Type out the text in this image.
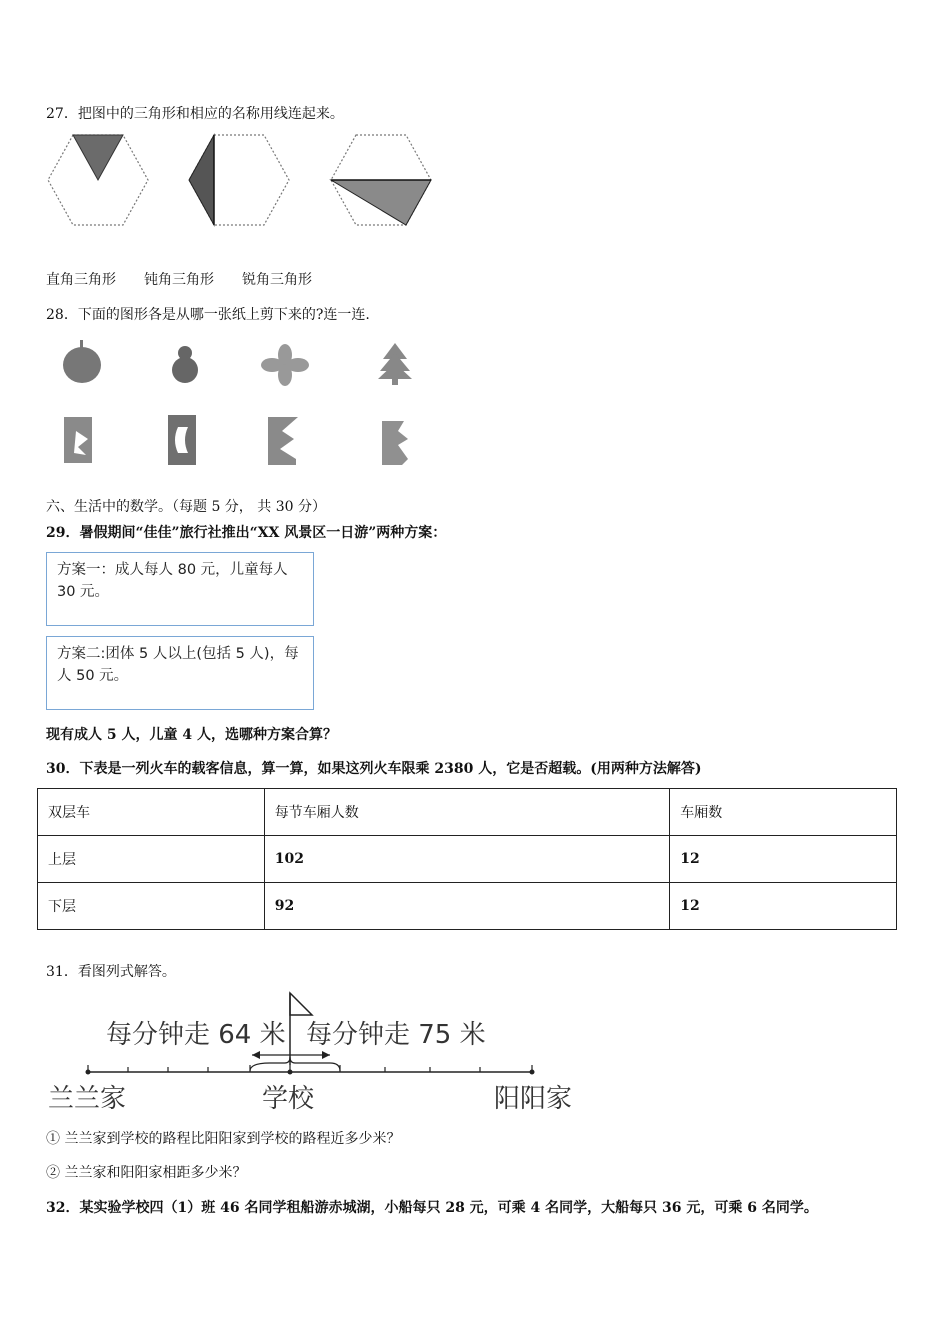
27．把图中的三角形和相应的名称用线连起来。
直角三角形 钝角三角形 锐角三角形
28．下面的图形各是从哪一张纸上剪下来的?连一连.
六、生活中的数学。（每题 5 分， 共 30 分）
29．暑假期间“佳佳”旅行社推出“XX 风景区一日游”两种方案：
方案一：成人每人 80 元，儿童每人 30 元。
方案二:团体 5 人以上(包括 5 人)，每人 50 元。
现有成人 5 人，儿童 4 人，选哪种方案合算？
30．下表是一列火车的载客信息，算一算，如果这列火车限乘 2380 人，它是否超载。(用两种方法解答)
双层车	每节车厢人数	车厢数
上层	102	12
下层	92	12
31．看图列式解答。
每分钟走 64 米 每分钟走 75 米
兰兰家	学校	阳阳家
① 兰兰家到学校的路程比阳阳家到学校的路程近多少米？
② 兰兰家和阳阳家相距多少米？
32．某实验学校四（1）班 46 名同学租船游赤城湖，小船每只 28 元，可乘 4 名同学，大船每只 36 元，可乘 6 名同学。
